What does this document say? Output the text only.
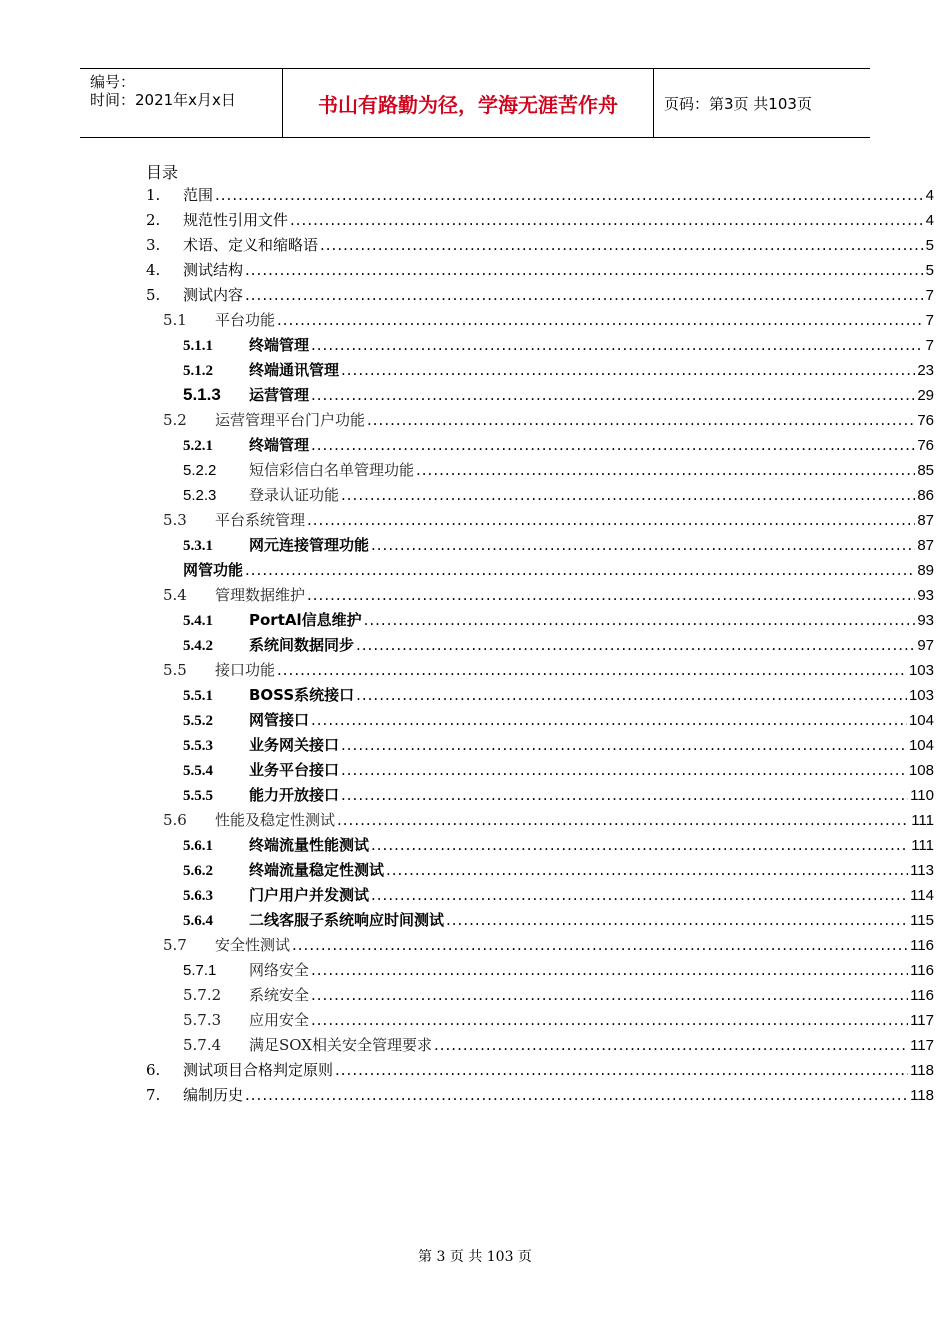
编号：
时间：2021年x月x日	书山有路勤为径，学海无涯苦作舟	页码：第3页 共103页
目录
1.	范围 .....	4
2.	规范性引用文件 .....	4
3.	术语、定义和缩略语 .....	5
4.	测试结构 .....	5
5.	测试内容 .....	7
5.1	平台功能 .....	7
5.1.1	终端管理 .....	7
5.1.2	终端通讯管理 .....	23
5.1.3	运营管理 .....	29
5.2	运营管理平台门户功能 .....	76
5.2.1	终端管理 .....	76
5.2.2	短信彩信白名单管理功能 .....	85
5.2.3	登录认证功能 .....	86
5.3	平台系统管理 .....	87
5.3.1	网元连接管理功能 .....	87
网管功能 .....	89
5.4	管理数据维护 .....	93
5.4.1	PortAl信息维护 .....	93
5.4.2	系统间数据同步 .....	97
5.5	接口功能 .....	103
5.5.1	BOSS系统接口 .....	103
5.5.2	网管接口 .....	104
5.5.3	业务网关接口 .....	104
5.5.4	业务平台接口 .....	108
5.5.5	能力开放接口 .....	110
5.6	性能及稳定性测试 .....	111
5.6.1	终端流量性能测试 .....	111
5.6.2	终端流量稳定性测试 .....	113
5.6.3	门户用户并发测试 .....	114
5.6.4	二线客服子系统响应时间测试 .....	115
5.7	安全性测试 .....	116
5.7.1	网络安全 .....	116
5.7.2	系统安全 .....	116
5.7.3	应用安全 .....	117
5.7.4	满足SOX相关安全管理要求 .....	117
6.	测试项目合格判定原则 .....	118
7.	编制历史 .....	118
第 3 页 共 103 页
